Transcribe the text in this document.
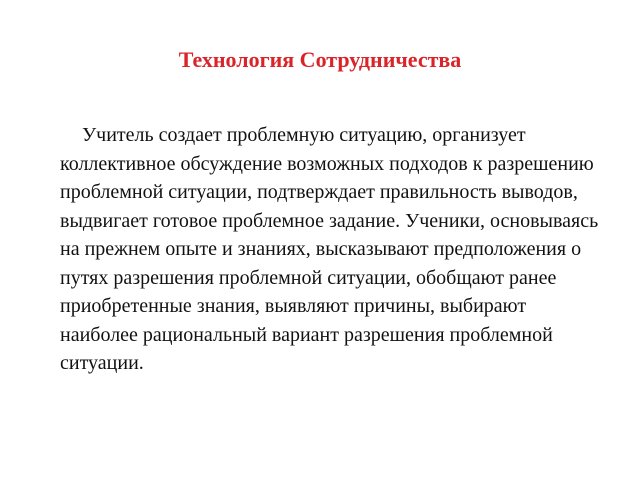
Технология Сотрудничества

Учитель создает проблемную ситуацию, организует коллективное обсуждение возможных подходов к разрешению проблемной ситуации, подтверждает правильность выводов, выдвигает готовое проблемное задание. Ученики, основываясь на прежнем опыте и знаниях, высказывают предположения о путях разрешения проблемной ситуации, обобщают ранее приобретенные знания, выявляют причины, выбирают наиболее рациональный вариант разрешения проблемной ситуации.
